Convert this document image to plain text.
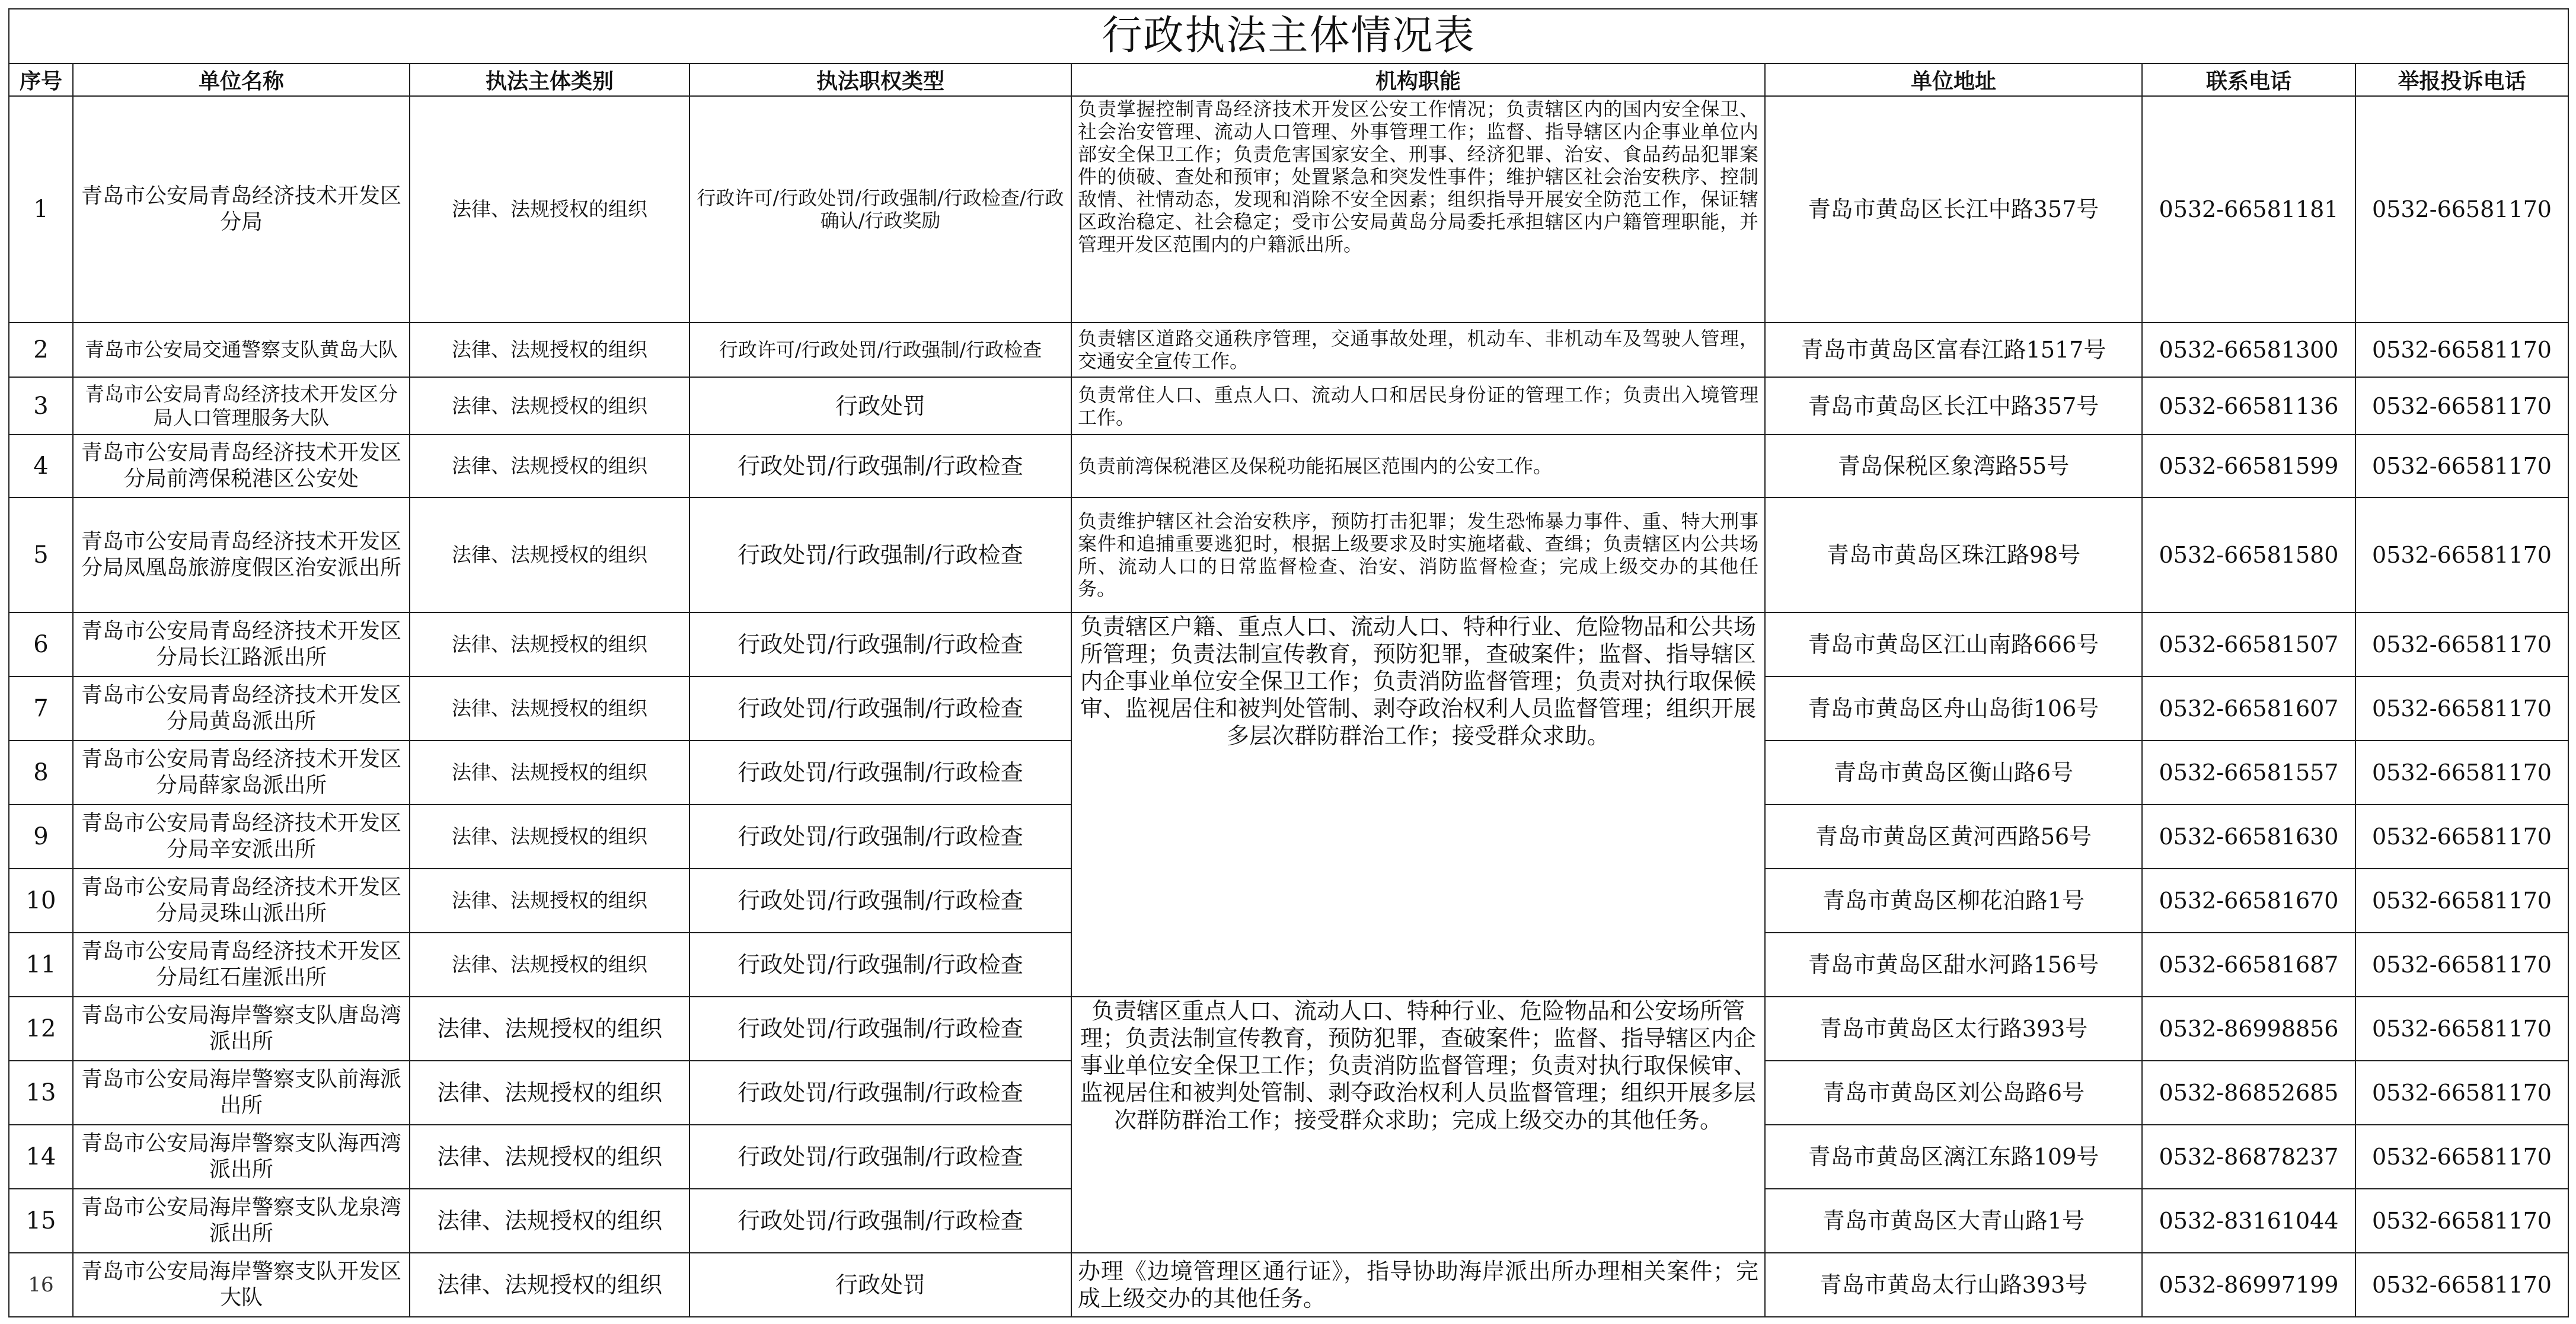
行政执法主体情况表							
序号	单位名称	执法主体类别	执法职权类型	机构职能	单位地址	联系电话	举报投诉电话
1	青岛市公安局青岛经济技术开发区分局	法律、法规授权的组织	行政许可/行政处罚/行政强制/行政检查/行政确认/行政奖励	负责掌握控制青岛经济技术开发区公安工作情况；负责辖区内的国内安全保卫、社会治安管理、流动人口管理、外事管理工作；监督、指导辖区内企事业单位内部安全保卫工作；负责危害国家安全、刑事、经济犯罪、治安、食品药品犯罪案件的侦破、查处和预审；处置紧急和突发性事件；维护辖区社会治安秩序、控制敌情、社情动态，发现和消除不安全因素；组织指导开展安全防范工作，保证辖区政治稳定、社会稳定；受市公安局黄岛分局委托承担辖区内户籍管理职能，并管理开发区范围内的户籍派出所。	青岛市黄岛区长江中路357号	0532-66581181	0532-66581170
2	青岛市公安局交通警察支队黄岛大队	法律、法规授权的组织	行政许可/行政处罚/行政强制/行政检查	负责辖区道路交通秩序管理，交通事故处理，机动车、非机动车及驾驶人管理，交通安全宣传工作。	青岛市黄岛区富春江路1517号	0532-66581300	0532-66581170
3	青岛市公安局青岛经济技术开发区分局人口管理服务大队	法律、法规授权的组织	行政处罚	负责常住人口、重点人口、流动人口和居民身份证的管理工作；负责出入境管理工作。	青岛市黄岛区长江中路357号	0532-66581136	0532-66581170
4	青岛市公安局青岛经济技术开发区分局前湾保税港区公安处	法律、法规授权的组织	行政处罚/行政强制/行政检查	负责前湾保税港区及保税功能拓展区范围内的公安工作。	青岛保税区象湾路55号	0532-66581599	0532-66581170
5	青岛市公安局青岛经济技术开发区分局凤凰岛旅游度假区治安派出所	法律、法规授权的组织	行政处罚/行政强制/行政检查	负责维护辖区社会治安秩序，预防打击犯罪；发生恐怖暴力事件、重、特大刑事案件和追捕重要逃犯时，根据上级要求及时实施堵截、查缉；负责辖区内公共场所、流动人口的日常监督检查、治安、消防监督检查；完成上级交办的其他任务。	青岛市黄岛区珠江路98号	0532-66581580	0532-66581170
6	青岛市公安局青岛经济技术开发区分局长江路派出所	法律、法规授权的组织	行政处罚/行政强制/行政检查	负责辖区户籍、重点人口、流动人口、特种行业、危险物品和公共场所管理；负责法制宣传教育，预防犯罪，查破案件；监督、指导辖区内企事业单位安全保卫工作；负责消防监督管理；负责对执行取保候审、监视居住和被判处管制、剥夺政治权利人员监督管理；组织开展多层次群防群治工作；接受群众求助。	青岛市黄岛区江山南路666号	0532-66581507	0532-66581170
7	青岛市公安局青岛经济技术开发区分局黄岛派出所	法律、法规授权的组织	行政处罚/行政强制/行政检查		青岛市黄岛区舟山岛街106号	0532-66581607	0532-66581170
8	青岛市公安局青岛经济技术开发区分局薛家岛派出所	法律、法规授权的组织	行政处罚/行政强制/行政检查		青岛市黄岛区衡山路6号	0532-66581557	0532-66581170
9	青岛市公安局青岛经济技术开发区分局辛安派出所	法律、法规授权的组织	行政处罚/行政强制/行政检查		青岛市黄岛区黄河西路56号	0532-66581630	0532-66581170
10	青岛市公安局青岛经济技术开发区分局灵珠山派出所	法律、法规授权的组织	行政处罚/行政强制/行政检查		青岛市黄岛区柳花泊路1号	0532-66581670	0532-66581170
11	青岛市公安局青岛经济技术开发区分局红石崖派出所	法律、法规授权的组织	行政处罚/行政强制/行政检查		青岛市黄岛区甜水河路156号	0532-66581687	0532-66581170
12	青岛市公安局海岸警察支队唐岛湾派出所	法律、法规授权的组织	行政处罚/行政强制/行政检查	负责辖区重点人口、流动人口、特种行业、危险物品和公安场所管理；负责法制宣传教育，预防犯罪，查破案件；监督、指导辖区内企事业单位安全保卫工作；负责消防监督管理；负责对执行取保候审、监视居住和被判处管制、剥夺政治权利人员监督管理；组织开展多层次群防群治工作；接受群众求助；完成上级交办的其他任务。	青岛市黄岛区太行路393号	0532-86998856	0532-66581170
13	青岛市公安局海岸警察支队前海派出所	法律、法规授权的组织	行政处罚/行政强制/行政检查		青岛市黄岛区刘公岛路6号	0532-86852685	0532-66581170
14	青岛市公安局海岸警察支队海西湾派出所	法律、法规授权的组织	行政处罚/行政强制/行政检查		青岛市黄岛区漓江东路109号	0532-86878237	0532-66581170
15	青岛市公安局海岸警察支队龙泉湾派出所	法律、法规授权的组织	行政处罚/行政强制/行政检查		青岛市黄岛区大青山路1号	0532-83161044	0532-66581170
16	青岛市公安局海岸警察支队开发区大队	法律、法规授权的组织	行政处罚	办理《边境管理区通行证》，指导协助海岸派出所办理相关案件；完成上级交办的其他任务。	青岛市黄岛太行山路393号	0532-86997199	0532-66581170
